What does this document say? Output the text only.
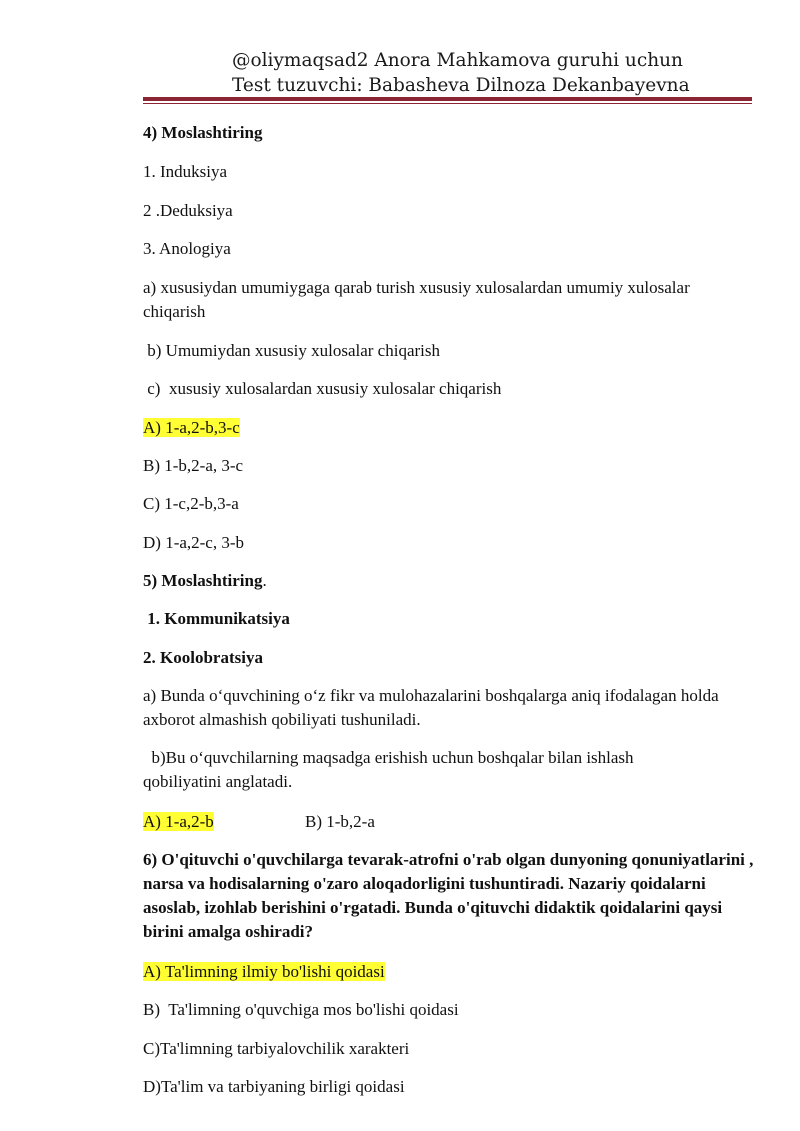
@oliymaqsad2 Anora Mahkamova guruhi uchun
Test tuzuvchi: Babasheva Dilnoza Dekanbayevna
4) Moslashtiring
1. Induksiya
2 .Deduksiya
3. Anologiya
a) xususiydan umumiygaga qarab turish xususiy xulosalardan umumiy xulosalar chiqarish
b) Umumiydan xususiy xulosalar chiqarish
c)  xususiy xulosalardan xususiy xulosalar chiqarish
A) 1-a,2-b,3-c
B) 1-b,2-a, 3-c
C) 1-c,2-b,3-a
D) 1-a,2-c, 3-b
5) Moslashtiring.
1. Kommunikatsiya
2. Koolobratsiya
a) Bunda o‘quvchining o‘z fikr va mulohazalarini boshqalarga aniq ifodalagan holda axborot almashish qobiliyati tushuniladi.
b)Bu o‘quvchilarning maqsadga erishish uchun boshqalar bilan ishlash qobiliyatini anglatadi.
A) 1-a,2-b	B) 1-b,2-a
6) O'qituvchi o'quvchilarga tevarak-atrofni o'rab olgan dunyoning qonuniyatlarini , narsa va hodisalarning o'zaro aloqadorligini tushuntiradi. Nazariy qoidalarni asoslab, izohlab berishini o'rgatadi. Bunda o'qituvchi didaktik qoidalarini qaysi birini amalga oshiradi?
A) Ta'limning ilmiy bo'lishi qoidasi
B)  Ta'limning o'quvchiga mos bo'lishi qoidasi
C)Ta'limning tarbiyalovchilik xarakteri
D)Ta'lim va tarbiyaning birligi qoidasi
